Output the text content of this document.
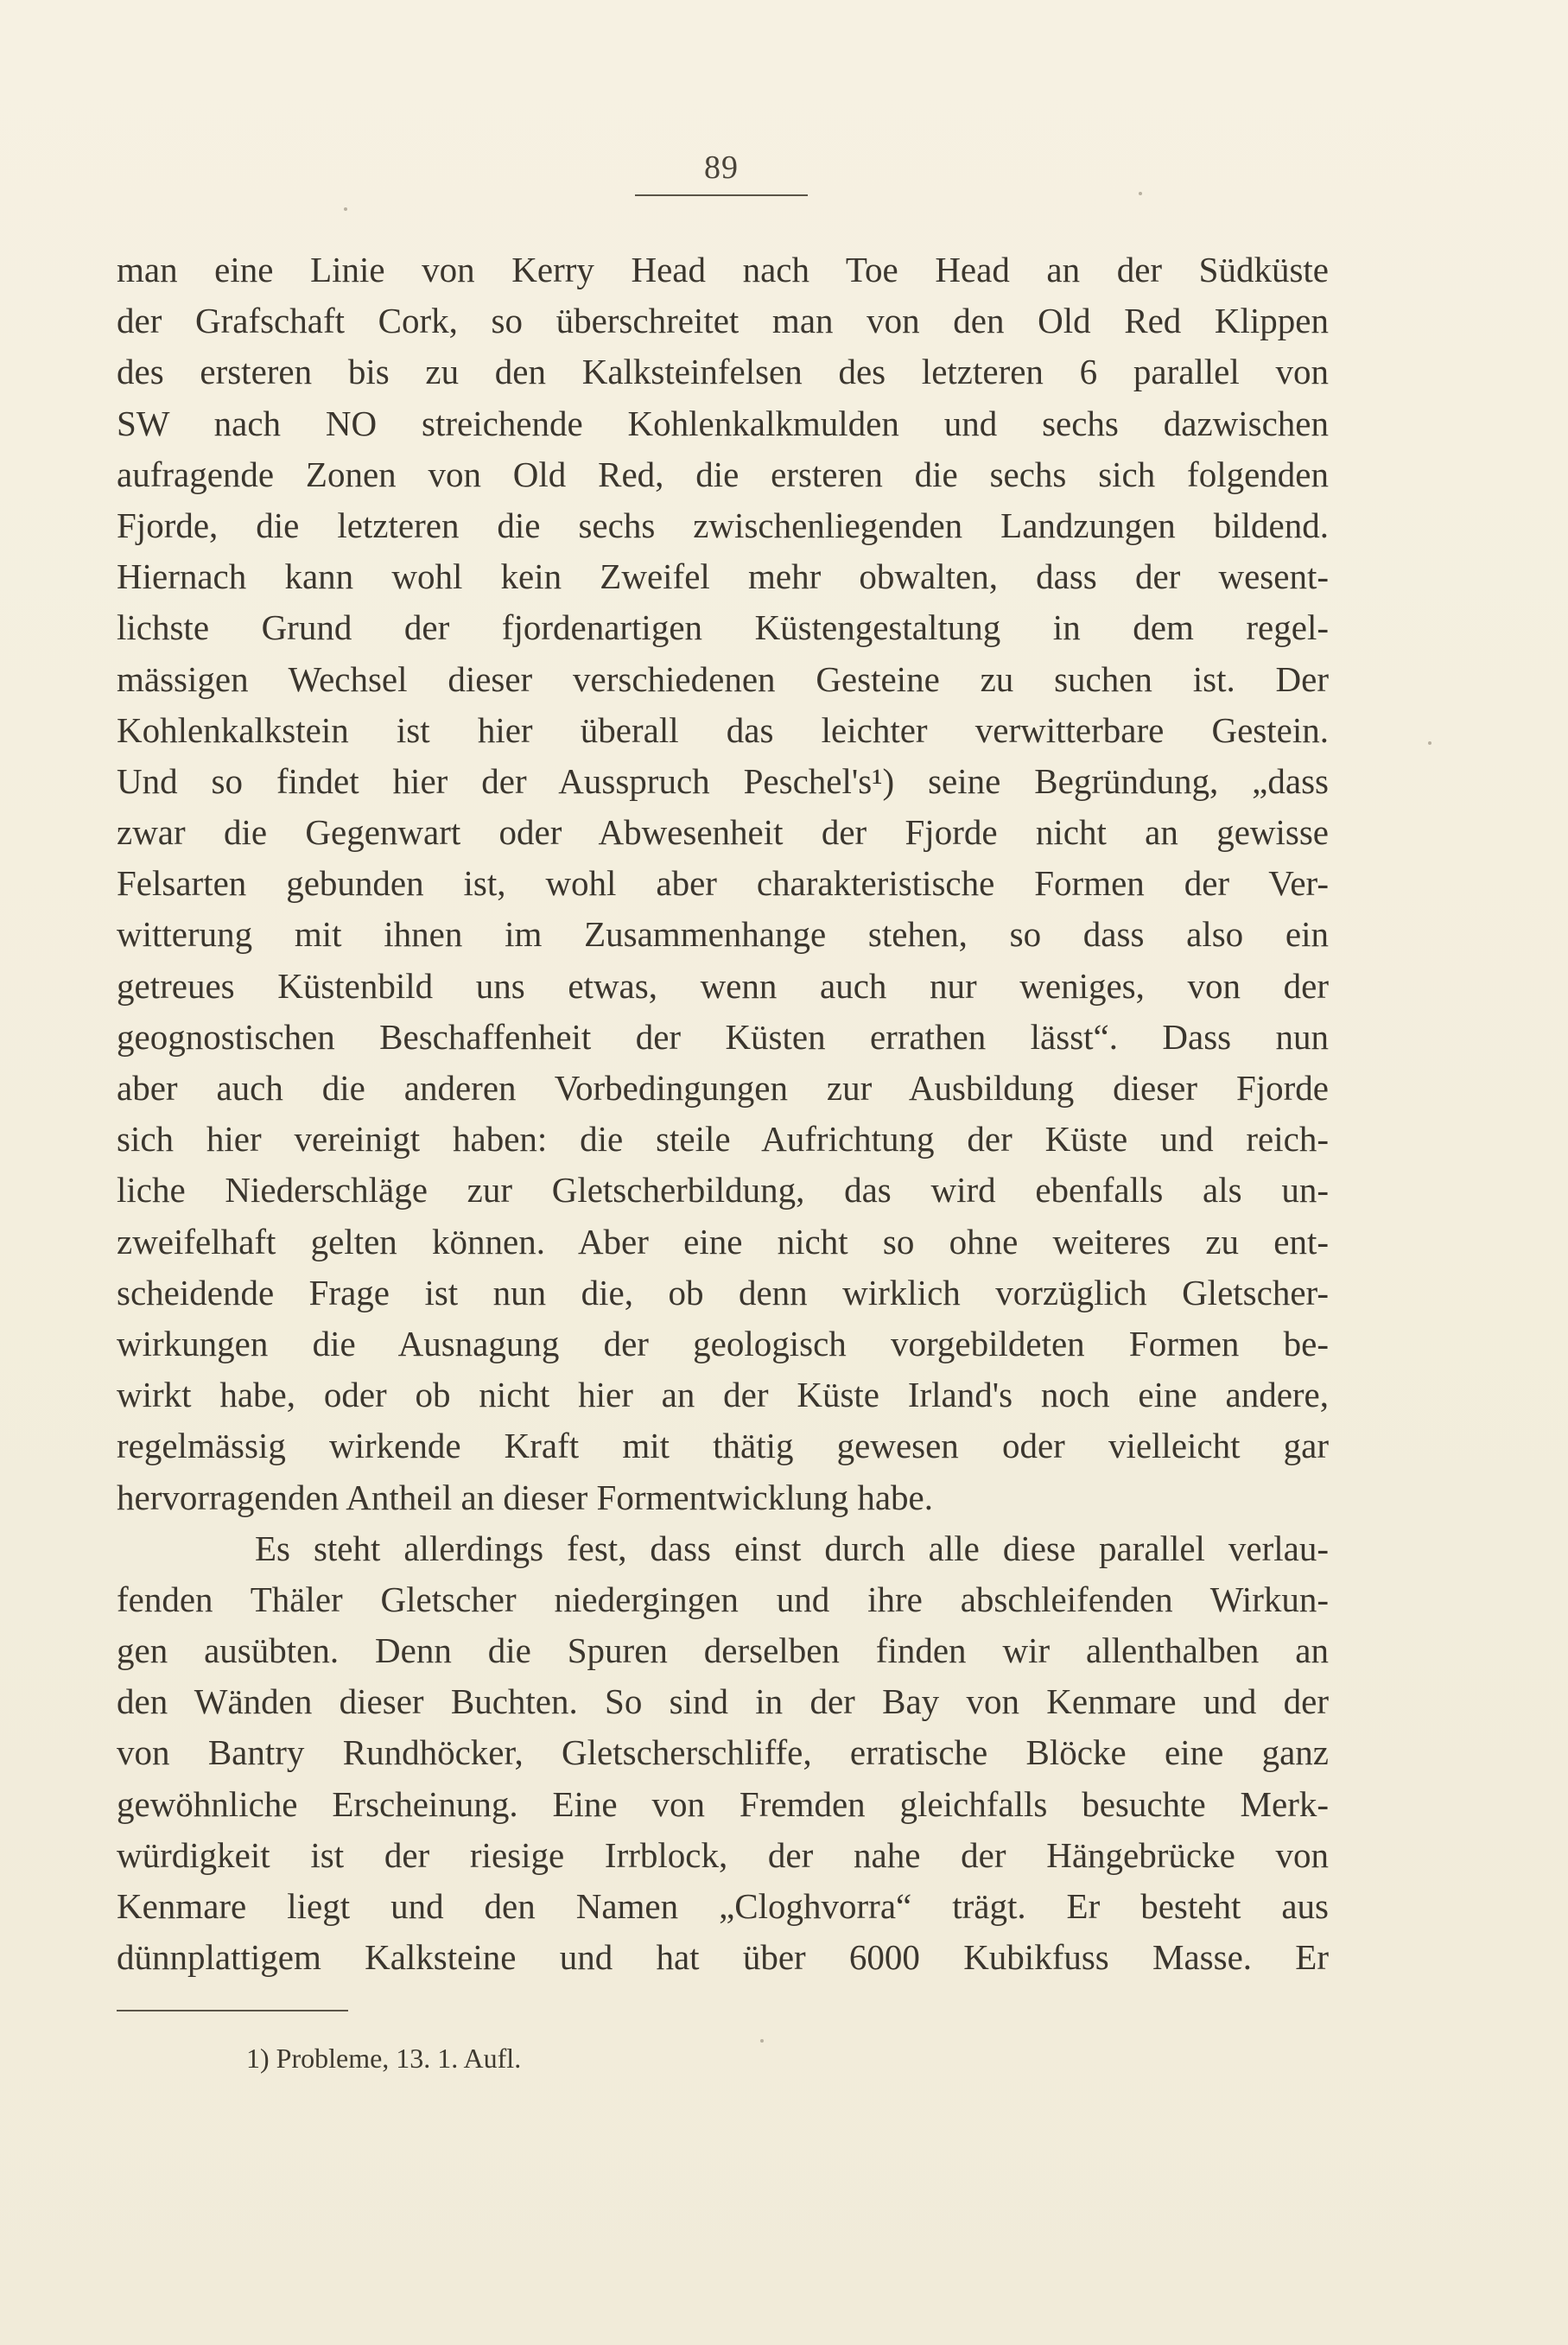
89
man eine Linie von Kerry Head nach Toe Head an der Südküste
der Grafschaft Cork, so überschreitet man von den Old Red Klippen
des ersteren bis zu den Kalksteinfelsen des letzteren 6 parallel von
SW nach NO streichende Kohlenkalkmulden und sechs dazwischen
aufragende Zonen von Old Red, die ersteren die sechs sich folgenden
Fjorde, die letzteren die sechs zwischenliegenden Landzungen bildend.
Hiernach kann wohl kein Zweifel mehr obwalten, dass der wesent-
lichste Grund der fjordenartigen Küstengestaltung in dem regel-
mässigen Wechsel dieser verschiedenen Gesteine zu suchen ist. Der
Kohlenkalkstein ist hier überall das leichter verwitterbare Gestein.
Und so findet hier der Ausspruch Peschel's¹) seine Begründung, „dass
zwar die Gegenwart oder Abwesenheit der Fjorde nicht an gewisse
Felsarten gebunden ist, wohl aber charakteristische Formen der Ver-
witterung mit ihnen im Zusammenhange stehen, so dass also ein
getreues Küstenbild uns etwas, wenn auch nur weniges, von der
geognostischen Beschaffenheit der Küsten errathen lässt“. Dass nun
aber auch die anderen Vorbedingungen zur Ausbildung dieser Fjorde
sich hier vereinigt haben: die steile Aufrichtung der Küste und reich-
liche Niederschläge zur Gletscherbildung, das wird ebenfalls als un-
zweifelhaft gelten können. Aber eine nicht so ohne weiteres zu ent-
scheidende Frage ist nun die, ob denn wirklich vorzüglich Gletscher-
wirkungen die Ausnagung der geologisch vorgebildeten Formen be-
wirkt habe, oder ob nicht hier an der Küste Irland's noch eine andere,
regelmässig wirkende Kraft mit thätig gewesen oder vielleicht gar
hervorragenden Antheil an dieser Formentwicklung habe.
Es steht allerdings fest, dass einst durch alle diese parallel verlau-
fenden Thäler Gletscher niedergingen und ihre abschleifenden Wirkun-
gen ausübten. Denn die Spuren derselben finden wir allenthalben an
den Wänden dieser Buchten. So sind in der Bay von Kenmare und der
von Bantry Rundhöcker, Gletscherschliffe, erratische Blöcke eine ganz
gewöhnliche Erscheinung. Eine von Fremden gleichfalls besuchte Merk-
würdigkeit ist der riesige Irrblock, der nahe der Hängebrücke von
Kenmare liegt und den Namen „Cloghvorra“ trägt. Er besteht aus
dünnplattigem Kalksteine und hat über 6000 Kubikfuss Masse. Er
1) Probleme, 13. 1. Aufl.
